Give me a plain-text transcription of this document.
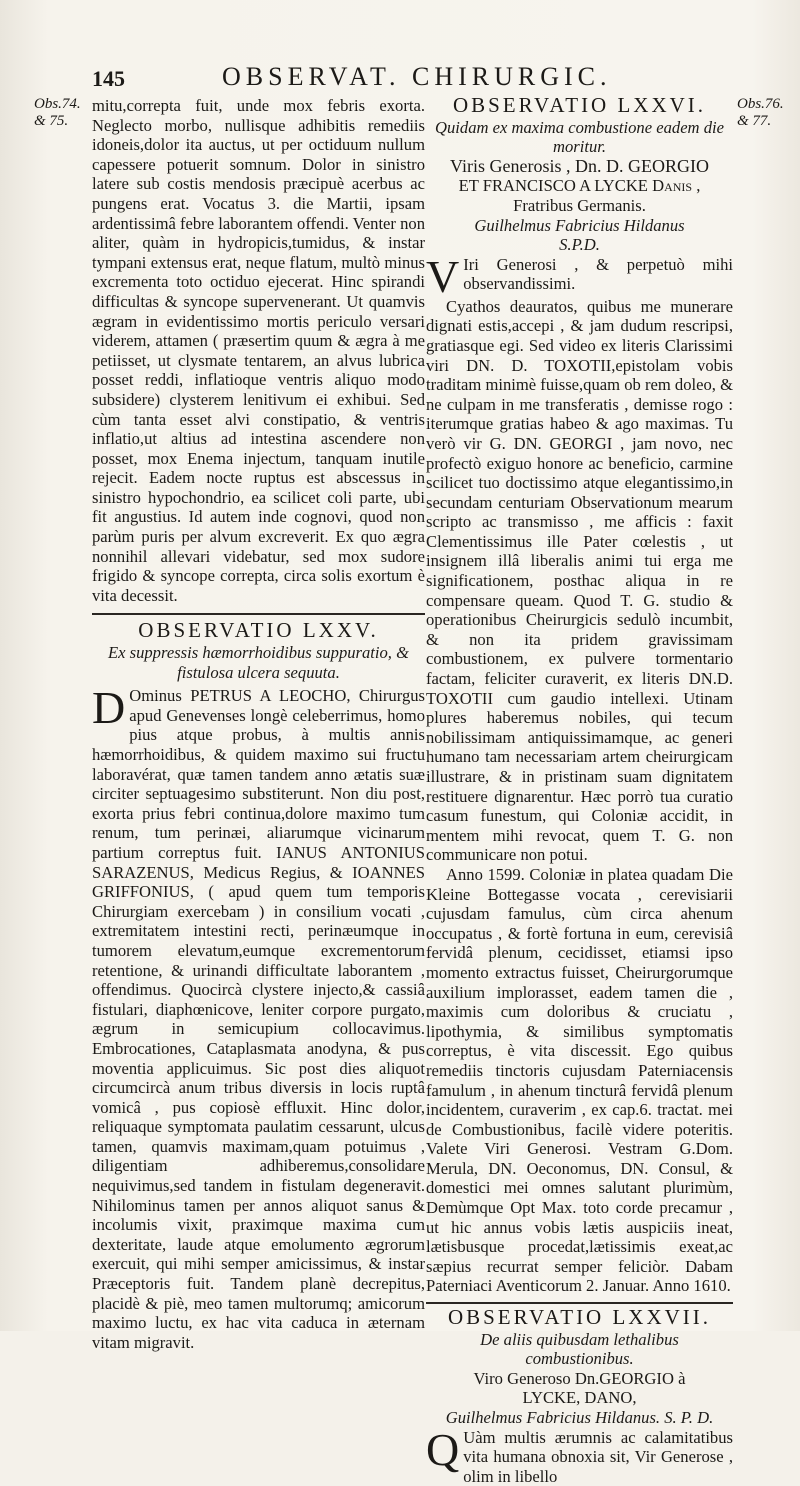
145	OBSERVAT. CHIRURGIC.
Obs.74. & 75.
Obs.76. & 77.

mitu,correpta fuit, unde mox febris exorta. Neglecto morbo, nullisque adhibitis remediis idoneis,dolor ita auctus, ut per octiduum nullum capessere potuerit somnum. Dolor in sinistro latere sub costis mendosis præcipuè acerbus ac pungens erat. Vocatus 3. die Martii, ipsam ardentissimâ febre laborantem offendi. Venter non aliter, quàm in hydropicis,tumidus, & instar tympani extensus erat, neque flatum, multò minus excrementa toto octiduo ejecerat. Hinc spirandi difficultas & syncope supervenerant. Ut quamvis ægram in evidentissimo mortis periculo versari viderem, attamen ( præsertim quum & ægra à me petiisset, ut clysmate tentarem, an alvus lubrica posset reddi, inflatioque ventris aliquo modo subsidere) clysterem lenitivum ei exhibui. Sed cùm tanta esset alvi constipatio, & ventris inflatio,ut altius ad intestina ascendere non posset, mox Enema injectum, tanquam inutile rejecit. Eadem nocte ruptus est abscessus in sinistro hypochondrio, ea scilicet coli parte, ubi fit angustius. Id autem inde cognovi, quod non parùm puris per alvum excreverit. Ex quo ægra nonnihil allevari videbatur, sed mox sudore frigido & syncope correpta, circa solis exortum è vita decessit.

OBSERVATIO LXXV.
Ex suppressis hæmorrhoidibus suppuratio, & fistulosa ulcera sequuta.

D Ominus PETRUS A LEOCHO, Chirurgus apud Genevenses longè celeberrimus, homo pius atque probus, à multis annis hæmorrhoidibus, & quidem maximo sui fructu laboravérat, quæ tamen tandem anno ætatis suæ circiter septuagesimo substiterunt. Non diu post, exorta prius febri continua,dolore maximo tum renum, tum perinæi, aliarumque vicinarum partium correptus fuit. IANUS ANTONIUS SARAZENUS, Medicus Regius, & IOANNES GRIFFONIUS, ( apud quem tum temporis Chirurgiam exercebam ) in consilium vocati , extremitatem intestini recti, perinæumque in tumorem elevatum,eumque excrementorum retentione, & urinandi difficultate laborantem , offendimus. Quocircà clystere injecto,& cassiâ fistulari, diaphœnicove, leniter corpore purgato, ægrum in semicupium collocavimus. Embrocationes, Cataplasmata anodyna, & pus moventia applicuimus. Sic post dies aliquot circumcircà anum tribus diversis in locis ruptâ vomicâ , pus copiosè effluxit. Hinc dolor, reliquaque symptomata paulatim cessarunt, ulcus tamen, quamvis maximam,quam potuimus , diligentiam adhiberemus,consolidare nequivimus,sed tandem in fistulam degeneravit. Nihilominus tamen per annos aliquot sanus & incolumis vixit, praximque maxima cum dexteritate, laude atque emolumento ægrorum exercuit, qui mihi semper amicissimus, & instar Præceptoris fuit. Tandem planè decrepitus, placidè & piè, meo tamen multorumq; amicorum maximo luctu, ex hac vita caduca in æternam vitam migravit.

OBSERVATIO LXXVI.
Quidam ex maxima combustione eadem die moritur.
Viris Generosis , Dn. D. GEORGIO
ET FRANCISCO A LYCKE Danis ,
Fratribus Germanis.
Guilhelmus Fabricius Hildanus
S.P.D.

V Iri Generosi , & perpetuò mihi observandissimi.

Cyathos deauratos, quibus me munerare dignati estis,accepi , & jam dudum rescripsi, gratiasque egi. Sed video ex literis Clarissimi viri DN. D. TOXOTII,epistolam vobis traditam minimè fuisse,quam ob rem doleo, & ne culpam in me transferatis , demisse rogo : iterumque gratias habeo & ago maximas. Tu verò vir G. DN. GEORGI , jam novo, nec profectò exiguo honore ac beneficio, carmine scilicet tuo doctissimo atque elegantissimo,in secundam centuriam Observationum mearum scripto ac transmisso , me afficis : faxit Clementissimus ille Pater cœlestis , ut insignem illâ liberalis animi tui erga me significationem, posthac aliqua in re compensare queam. Quod T. G. studio & operationibus Cheirurgicis sedulò incumbit, & non ita pridem gravissimam combustionem, ex pulvere tormentario factam, feliciter curaverit, ex literis DN.D. TOXOTII cum gaudio intellexi. Utinam plures haberemus nobiles, qui tecum nobilissimam antiquissimamque, ac generi humano tam necessariam artem cheirurgicam illustrare, & in pristinam suam dignitatem restituere dignarentur. Hæc porrò tua curatio casum funestum, qui Coloniæ accidit, in mentem mihi revocat, quem T. G. non communicare non potui.

Anno 1599. Coloniæ in platea quadam Die Kleine Bottegasse vocata , cerevisiarii cujusdam famulus, cùm circa ahenum occupatus , & fortè fortuna in eum, cerevisiâ fervidâ plenum, cecidisset, etiamsi ipso momento extractus fuisset, Cheirurgorumque auxilium implorasset, eadem tamen die , maximis cum doloribus & cruciatu , lipothymia, & similibus symptomatis correptus, è vita discessit. Ego quibus remediis tinctoris cujusdam Paterniacensis famulum , in ahenum tincturâ fervidâ plenum incidentem, curaverim , ex cap.6. tractat. mei de Combustionibus, facilè videre poteritis. Valete Viri Generosi. Vestram G.Dom. Merula, DN. Oeconomus, DN. Consul, & domestici mei omnes salutant plurimùm, Demùmque Opt Max. toto corde precamur , ut hic annus vobis lætis auspiciis ineat, lætisbusque procedat,lætissimis exeat,ac sæpius recurrat semper feliciòr. Dabam Paterniaci Aventicorum 2. Januar. Anno 1610.

OBSERVATIO LXXVII.
De aliis quibusdam lethalibus combustionibus.
Viro Generoso Dn.GEORGIO à
LYCKE, DANO,
Guilhelmus Fabricius Hildanus. S. P. D.

Q Uàm multis ærumnis ac calamitatibus vita humana obnoxia sit, Vir Generose , olim in libello
